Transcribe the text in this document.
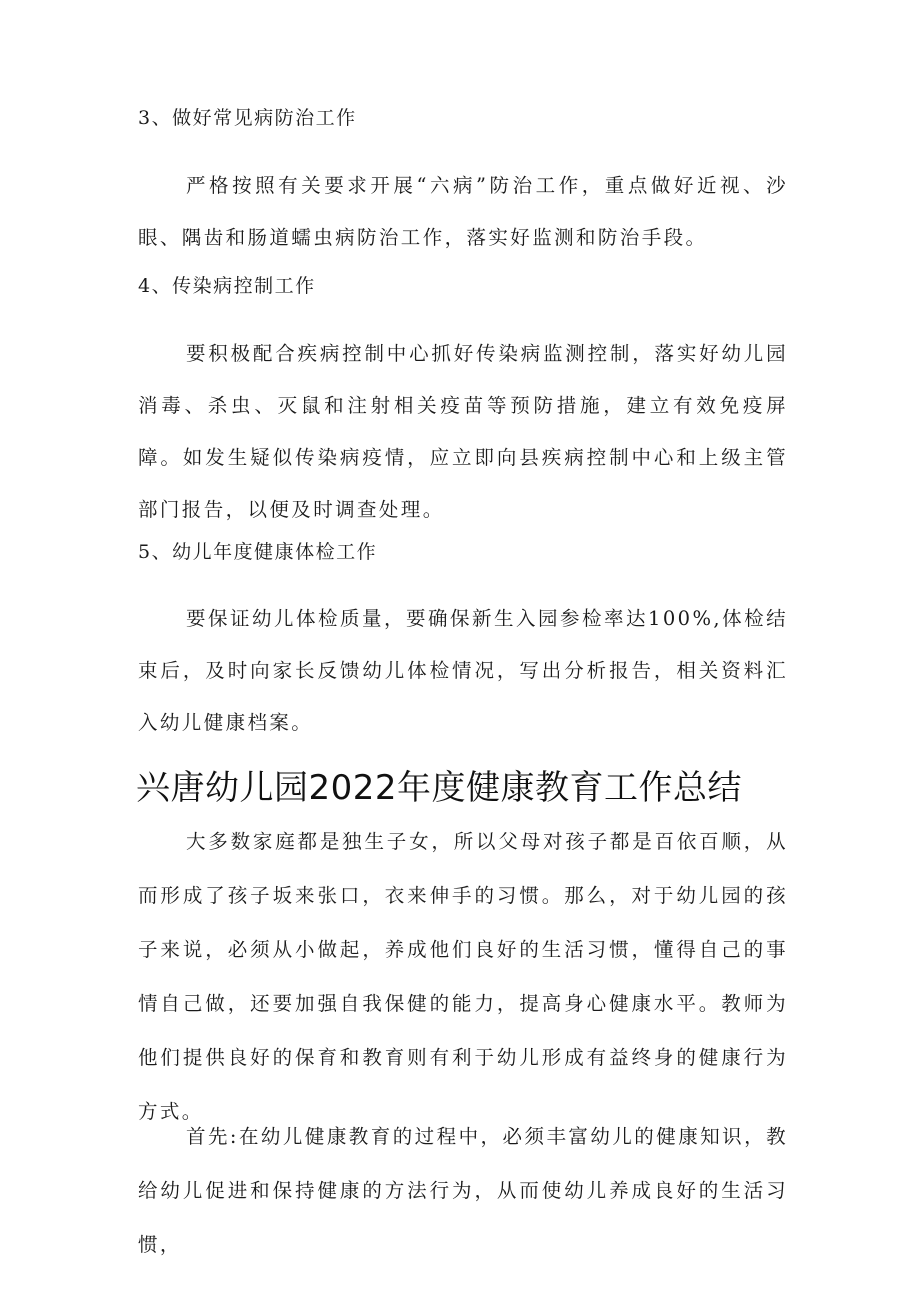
3、做好常见病防治工作

严格按照有关要求开展“六病”防治工作，重点做好近视、沙眼、隅齿和肠道蠕虫病防治工作，落实好监测和防治手段。

4、传染病控制工作

要积极配合疾病控制中心抓好传染病监测控制，落实好幼儿园消毒、杀虫、灭鼠和注射相关疫苗等预防措施，建立有效免疫屏障。如发生疑似传染病疫情，应立即向县疾病控制中心和上级主管部门报告，以便及时调查处理。

5、幼儿年度健康体检工作

要保证幼儿体检质量，要确保新生入园参检率达100%,体检结束后，及时向家长反馈幼儿体检情况，写出分析报告，相关资料汇入幼儿健康档案。

兴唐幼儿园2022年度健康教育工作总结

大多数家庭都是独生子女，所以父母对孩子都是百依百顺，从而形成了孩子坂来张口，衣来伸手的习惯。那么，对于幼儿园的孩子来说，必须从小做起，养成他们良好的生活习惯，懂得自己的事情自己做，还要加强自我保健的能力，提高身心健康水平。教师为他们提供良好的保育和教育则有利于幼儿形成有益终身的健康行为方式。

首先:在幼儿健康教育的过程中，必须丰富幼儿的健康知识，教给幼儿促进和保持健康的方法行为，从而使幼儿养成良好的生活习惯，
